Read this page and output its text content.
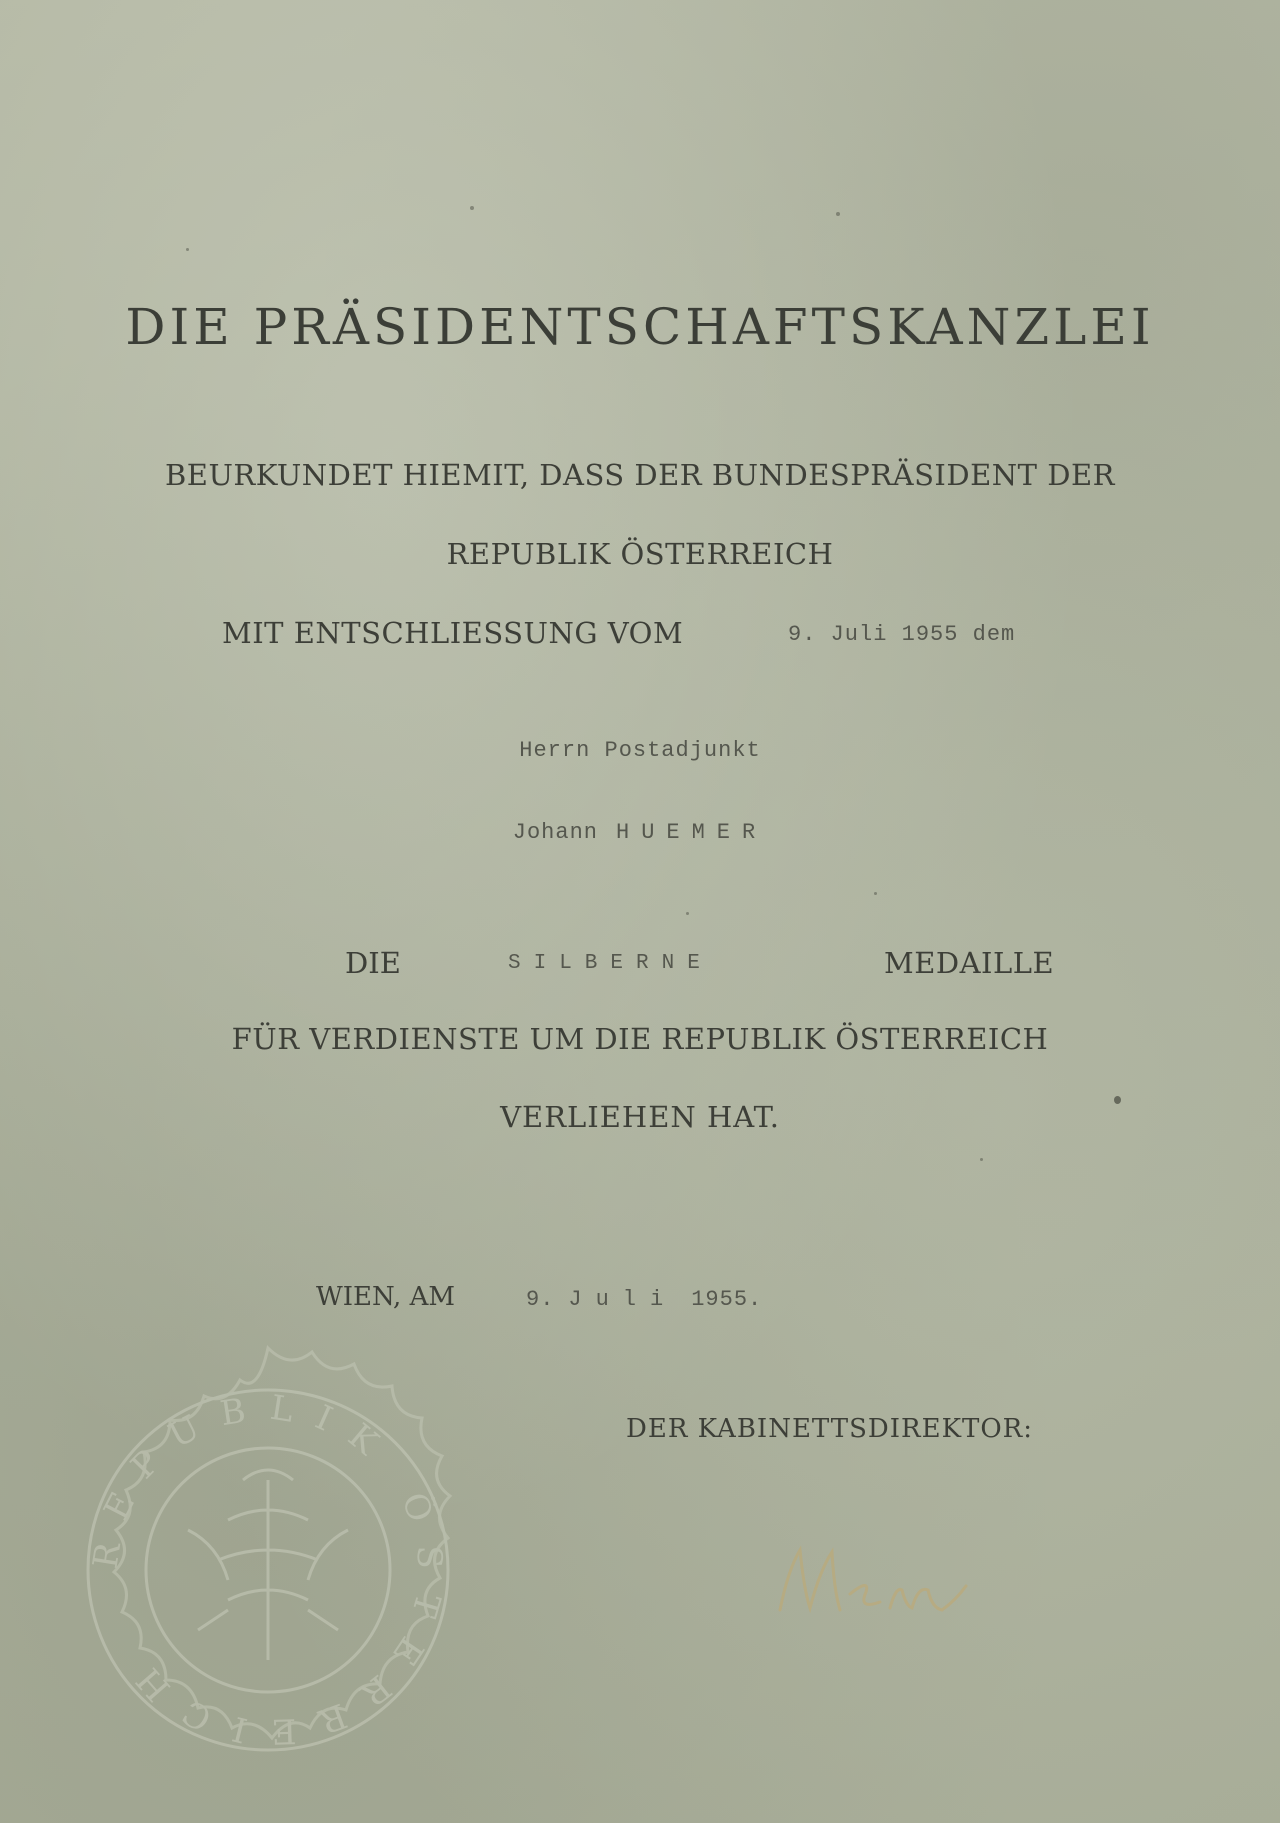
DIE PRÄSIDENTSCHAFTSKANZLEI
BEURKUNDET HIEMIT, DASS DER BUNDESPRÄSIDENT DER
REPUBLIK ÖSTERREICH
MIT ENTSCHLIESSUNG VOM	9. Juli 1955 dem
Herrn Postadjunkt
Johann HUEMER
DIE	SILBERNE	MEDAILLE
FÜR VERDIENSTE UM DIE REPUBLIK ÖSTERREICH
VERLIEHEN HAT.
WIEN, AM	9. Juli 1955.
DER KABINETTSDIREKTOR:
REPUBLIK ÖSTERREICH
